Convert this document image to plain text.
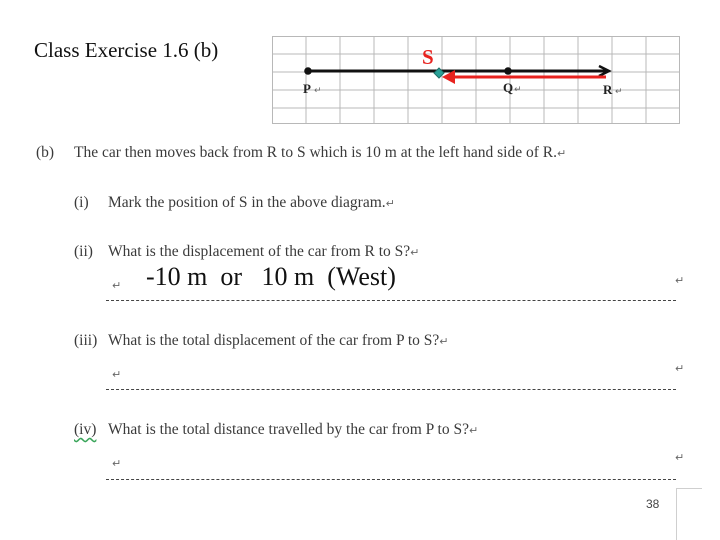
Class Exercise 1.6 (b)	S
P ↵	Q ↵	R ↵
(b) The car then moves back from R to S which is 10 m at the left hand side of R.↵
(i) Mark the position of S in the above diagram.↵
(ii) What is the displacement of the car from R to S?↵
↵ -10 m  or   10 m  (West)	↵
(iii) What is the total displacement of the car from P to S?↵
↵	↵
(iv) What is the total distance travelled by the car from P to S?↵
↵	↵
38
